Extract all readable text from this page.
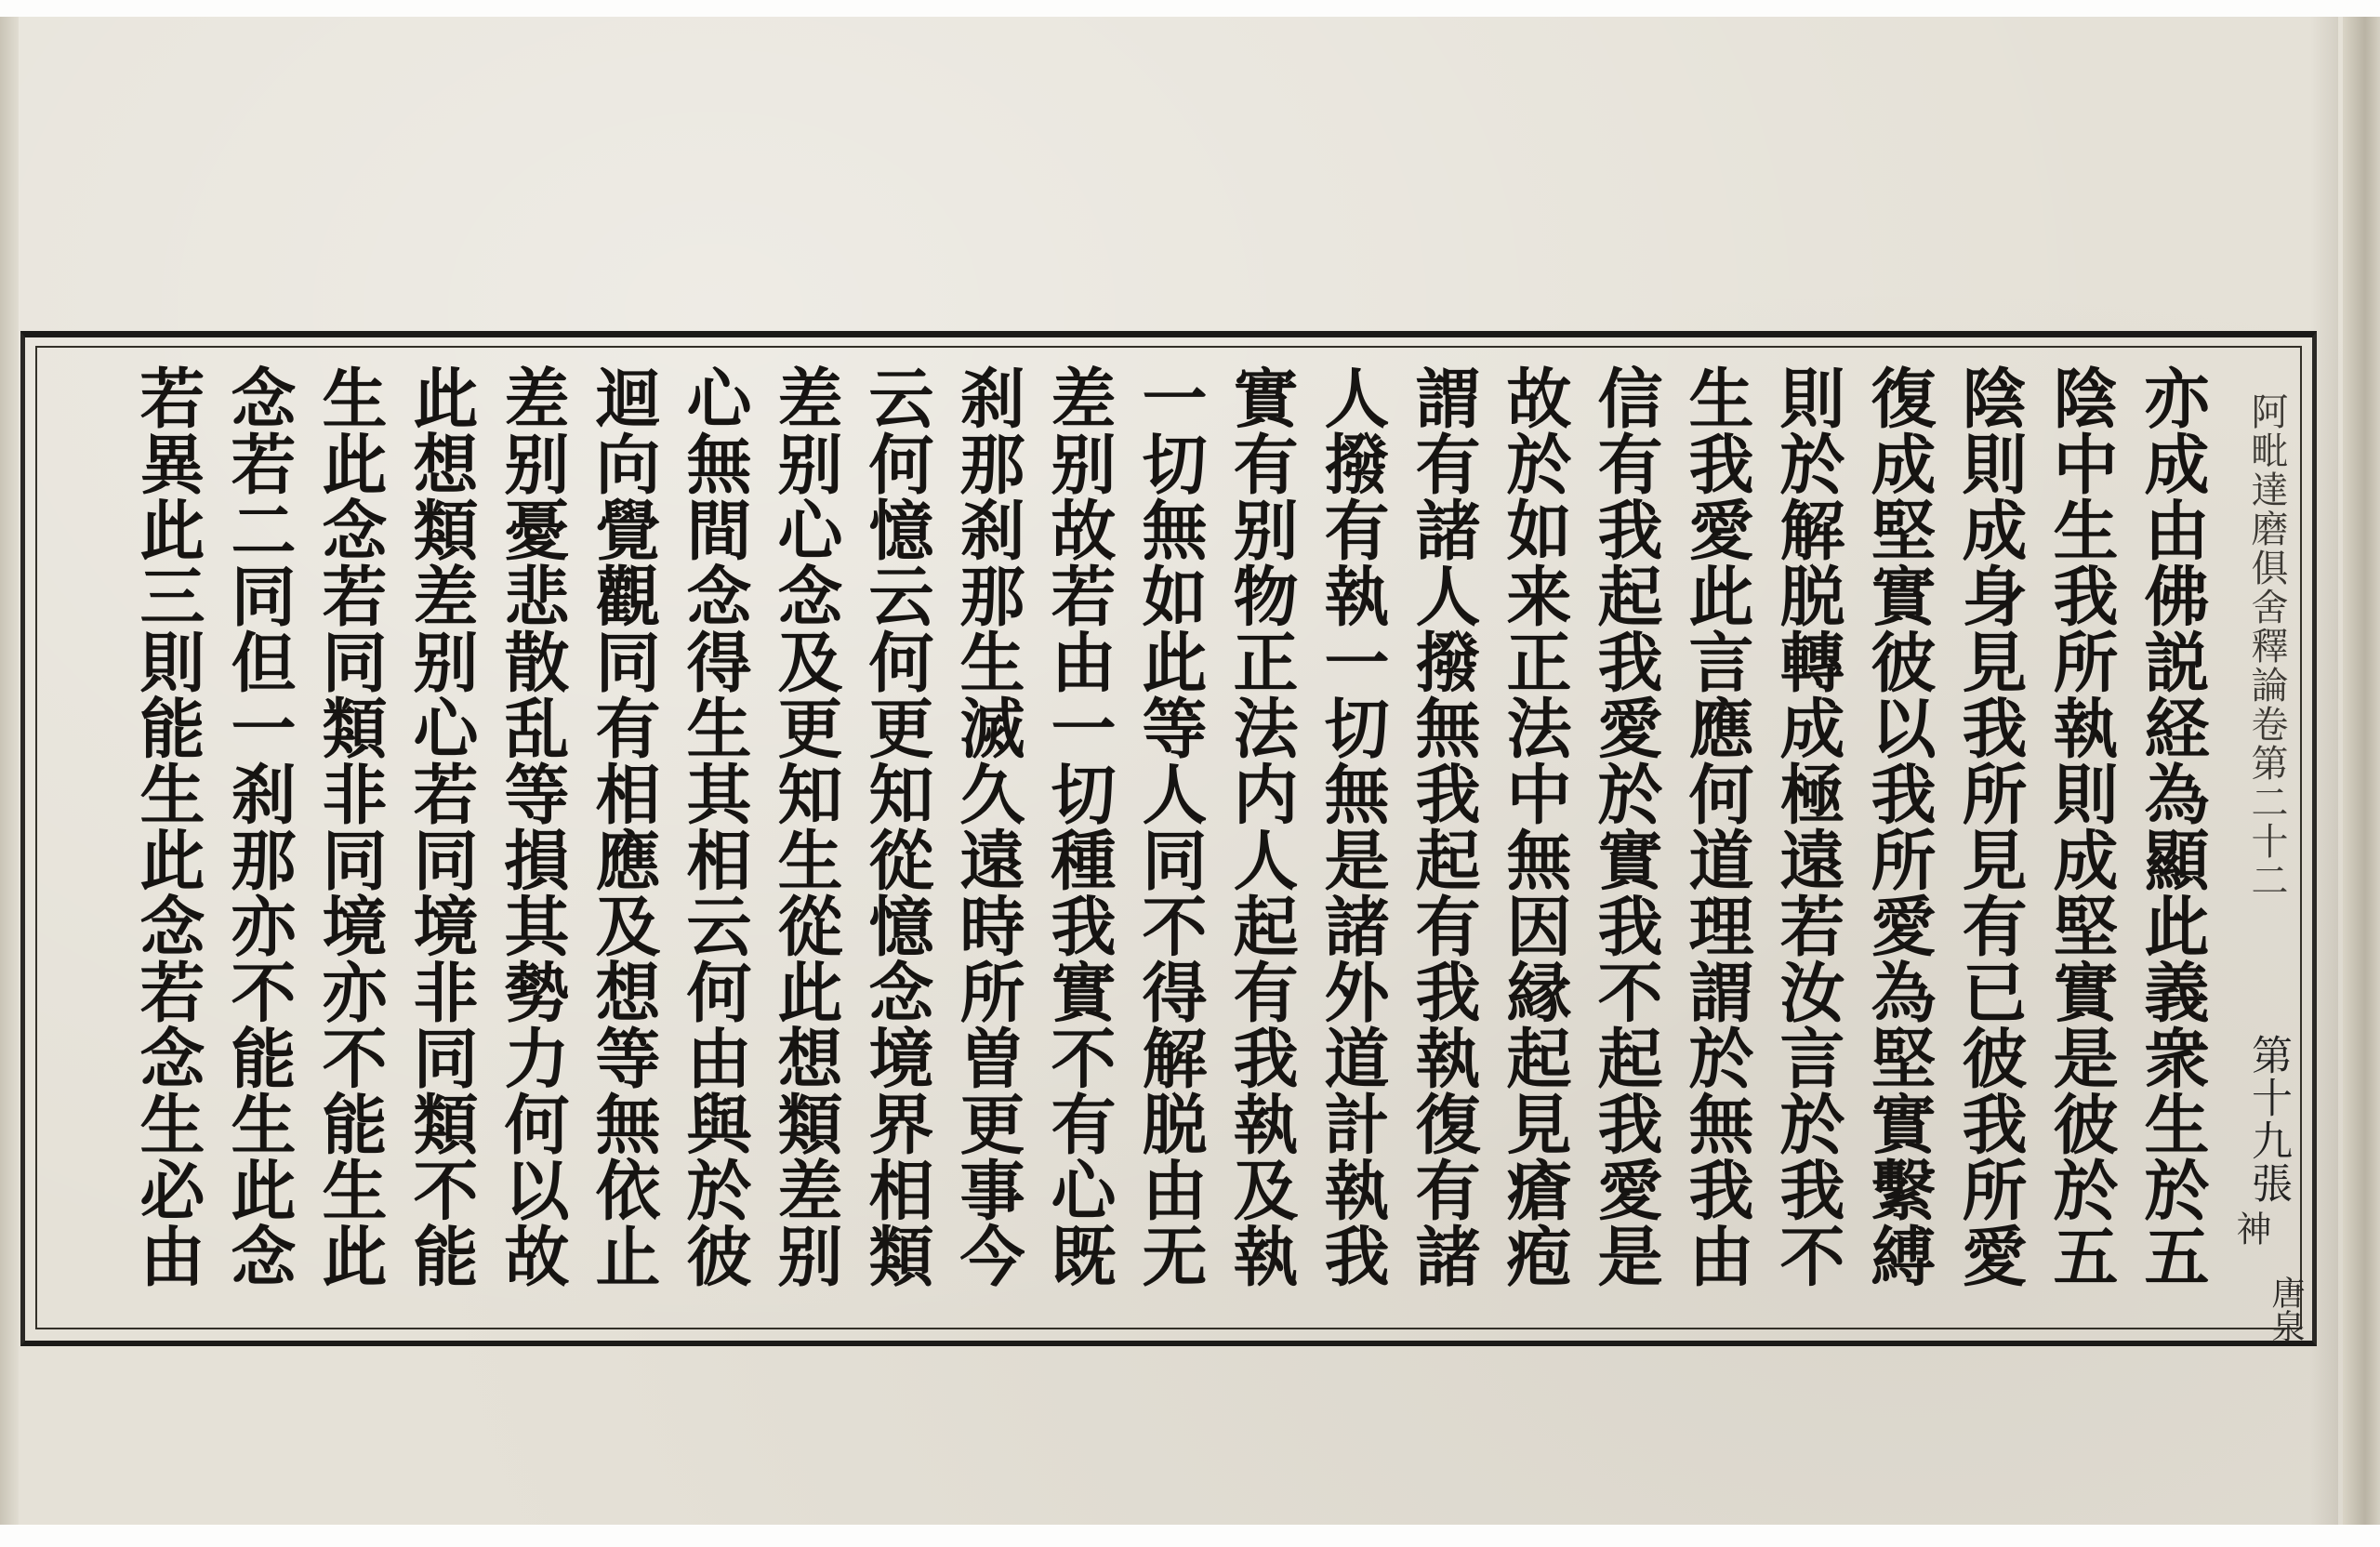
亦成由佛説経為顯此義衆生於五
陰中生我所執則成堅實是彼於五
陰則成身見我所見有已彼我所愛
復成堅實彼以我所愛為堅實繫縛
則於解脱轉成極遠若汝言於我不
生我愛此言應何道理謂於無我由
信有我起我愛於實我不起我愛是
故於如来正法中無因縁起見瘡疱
謂有諸人撥無我起有我執復有諸
人撥有執一切無是諸外道計執我
實有别物正法内人起有我執及執
一切無如此等人同不得解脱由无
差别故若由一切種我實不有心既
刹那刹那生滅久遠時所曽更事今
云何憶云何更知從憶念境界相類
差别心念及更知生從此想類差别
心無間念得生其相云何由與於彼
迴向覺觀同有相應及想等無依止
差别憂悲散乱等損其勢力何以故
此想類差别心若同境非同類不能
生此念若同類非同境亦不能生此
念若二同但一刹那亦不能生此念
若異此三則能生此念若念生必由	阿毗達磨俱舍釋論卷第二十二
第十九張
神
唐泉
